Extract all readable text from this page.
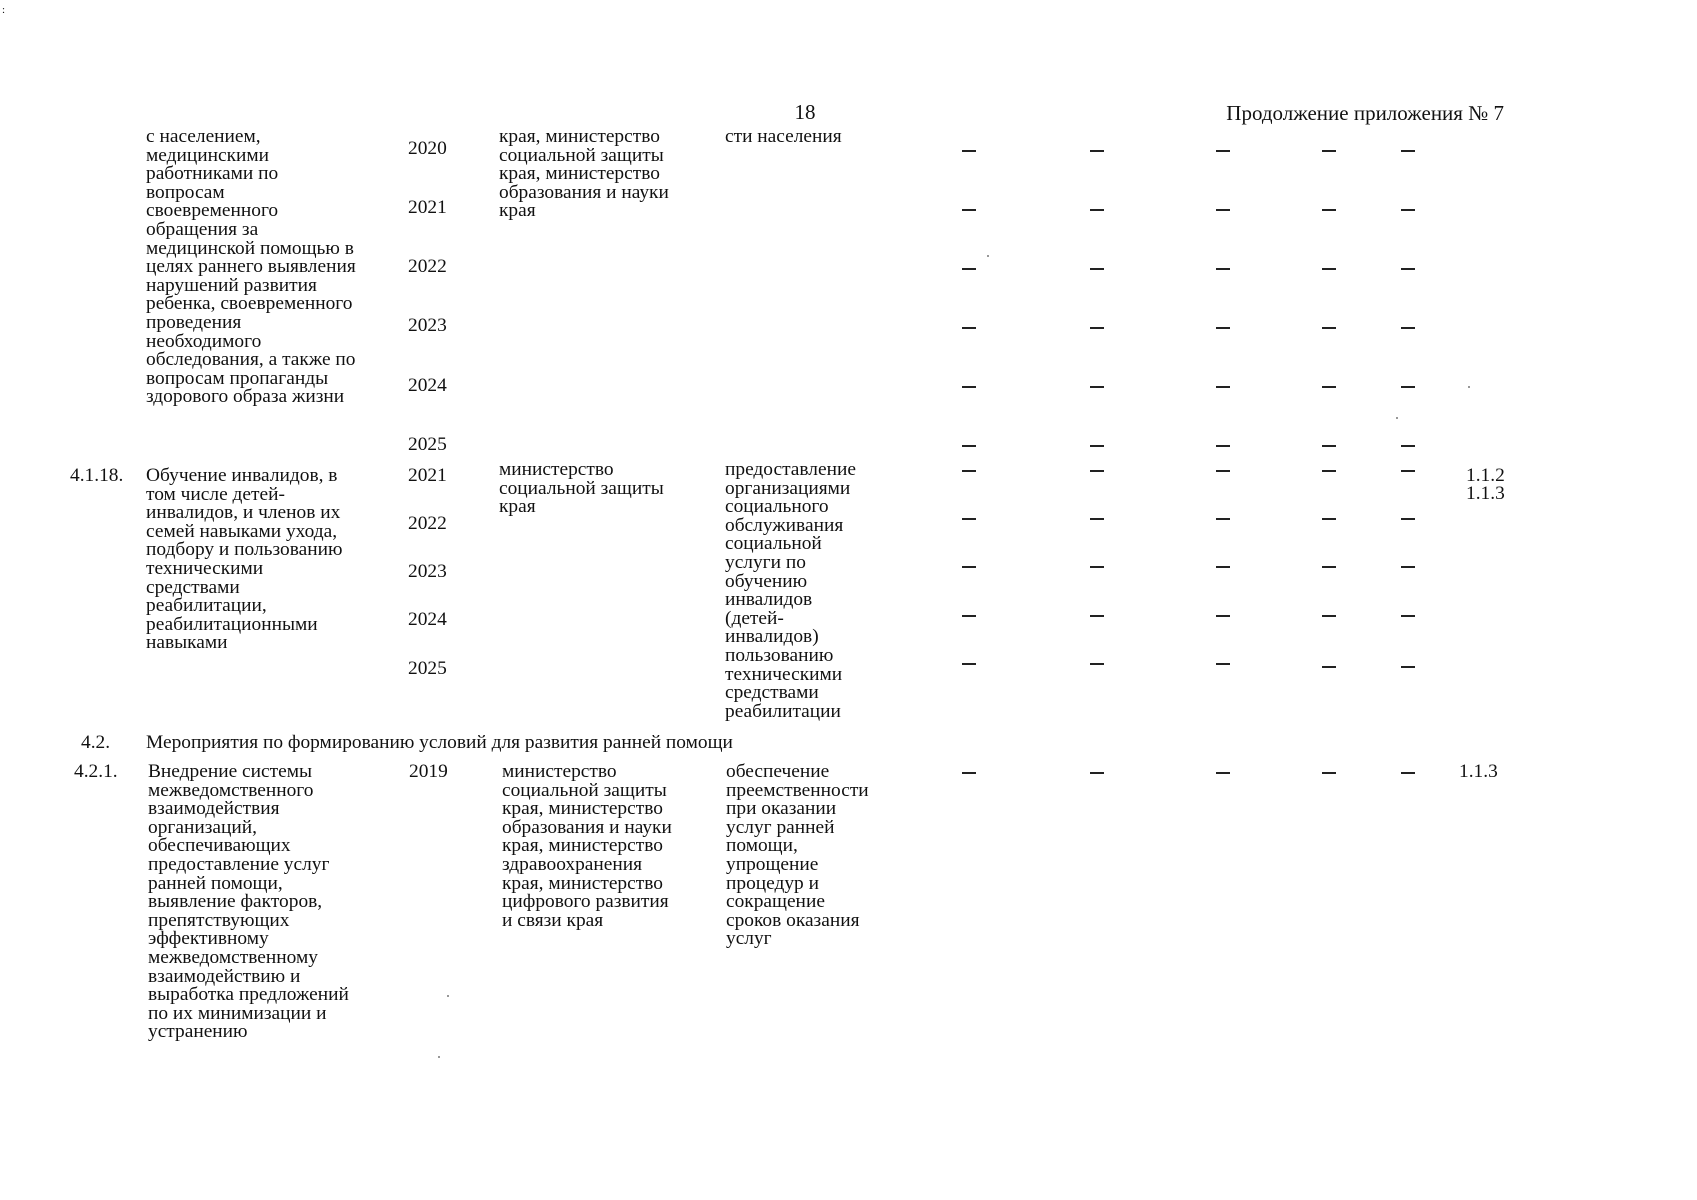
:
18	Продолжение приложения № 7
с населением,
медицинскими
работниками по
вопросам
своевременного
обращения за
медицинской помощью в
целях раннего выявления
нарушений развития
ребенка, своевременного
проведения
необходимого
обследования, а также по
вопросам пропаганды
здорового образа жизни
2020
2021
2022
2023
2024
2025
края, министерство
социальной защиты
края, министерство
образования и науки
края
сти населения
4.1.18. Обучение инвалидов, в
том числе детей-
инвалидов, и членов их
семей навыками ухода,
подбору и пользованию
техническими
средствами
реабилитации,
реабилитационными
навыками
2021
2022
2023
2024
2025
министерство
социальной защиты
края
предоставление
организациями
социального
обслуживания
социальной
услуги по
обучению
инвалидов
(детей-
инвалидов)
пользованию
техническими
средствами
реабилитации
1.1.2
1.1.3
4.2. Мероприятия по формированию условий для развития ранней помощи
4.2.1. Внедрение системы
межведомственного
взаимодействия
организаций,
обеспечивающих
предоставление услуг
ранней помощи,
выявление факторов,
препятствующих
эффективному
межведомственному
взаимодействию и
выработка предложений
по их минимизации и
устранению
2019	министерство
социальной защиты
края, министерство
образования и науки
края, министерство
здравоохранения
края, министерство
цифрового развития
и связи края
обеспечение
преемственности
при оказании
услуг ранней
помощи,
упрощение
процедур и
сокращение
сроков оказания
услуг
1.1.3
